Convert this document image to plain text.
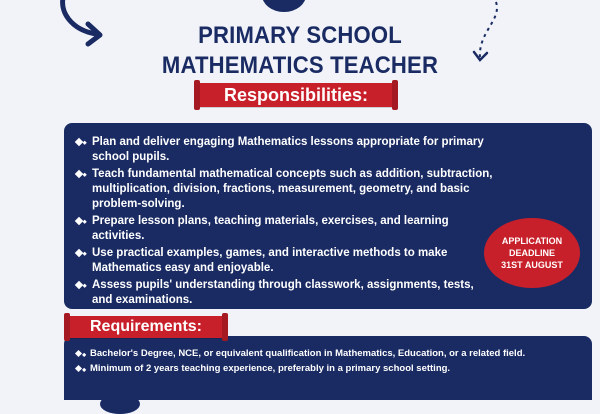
PRIMARY SCHOOL
MATHEMATICS TEACHER
Plan and deliver engaging Mathematics lessons appropriate for primary school pupils.
Teach fundamental mathematical concepts such as addition, subtraction, multiplication, division, fractions, measurement, geometry, and basic problem-solving.
Prepare lesson plans, teaching materials, exercises, and learning activities.
Use practical examples, games, and interactive methods to make Mathematics easy and enjoyable.
Assess pupils' understanding through classwork, assignments, tests, and examinations.
Responsibilities:
APPLICATION
DEADLINE
31ST AUGUST
Bachelor's Degree, NCE, or equivalent qualification in Mathematics, Education, or a related field.
Minimum of 2 years teaching experience, preferably in a primary school setting.
Requirements:
